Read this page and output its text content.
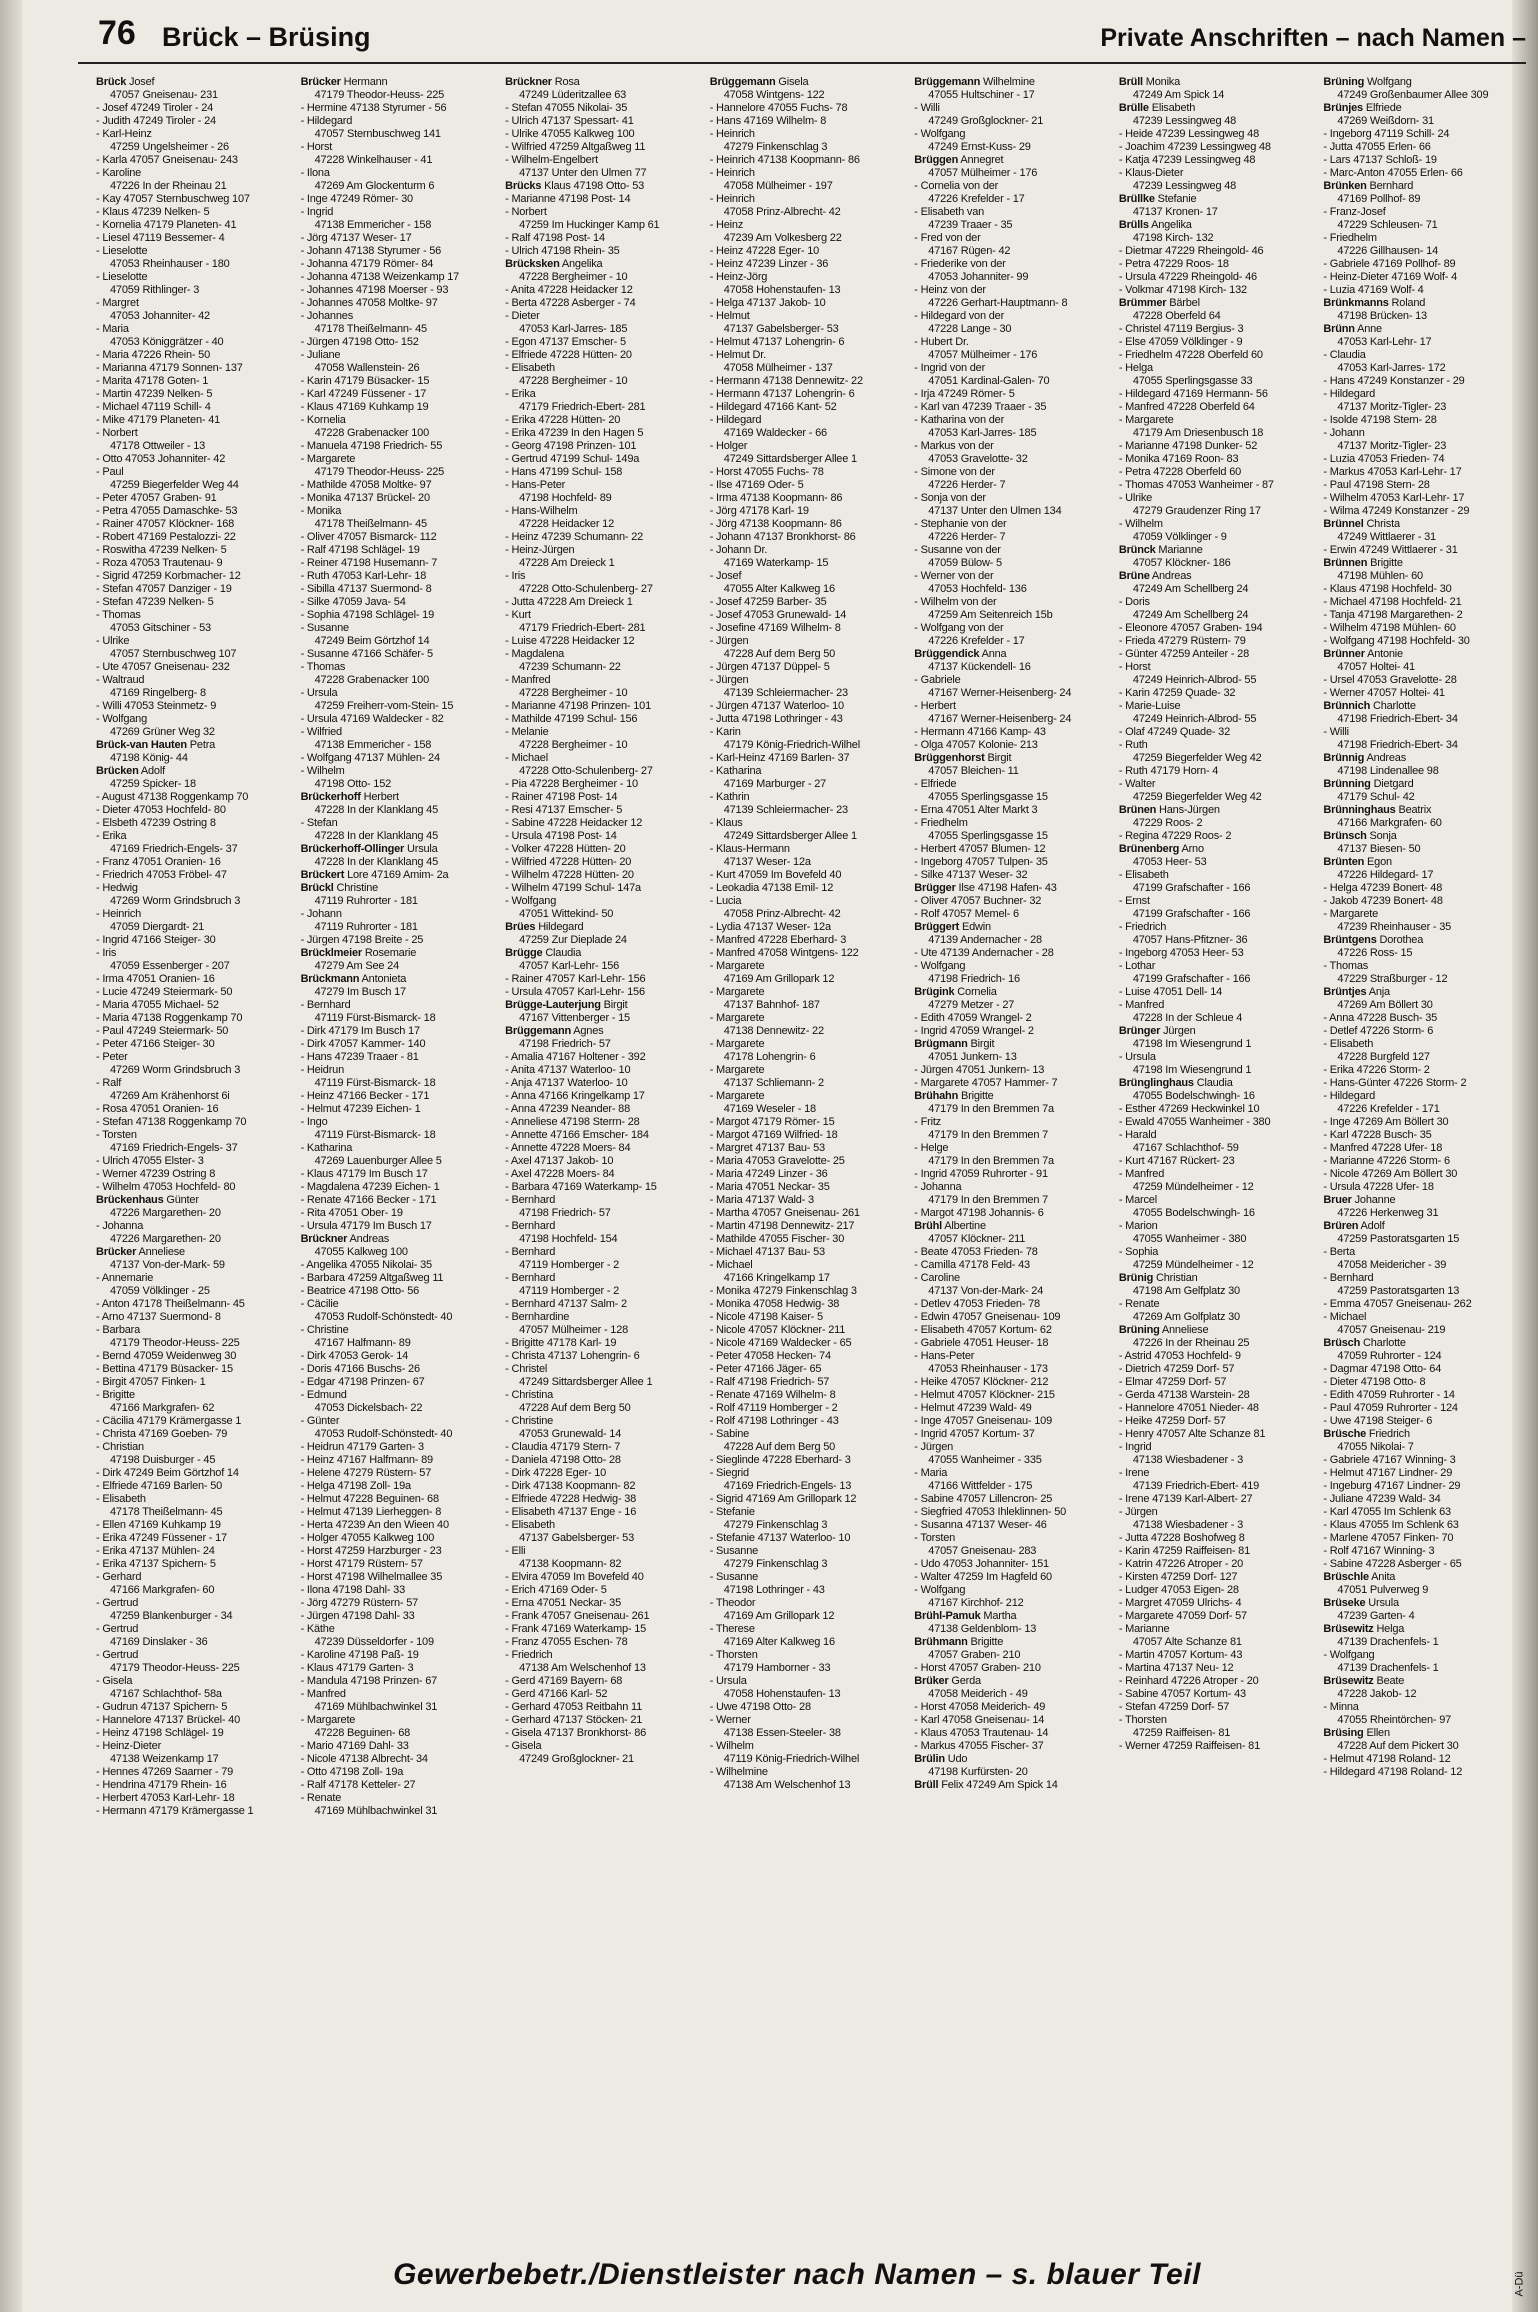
76 Brück – Brüsing	Private Anschriften – nach Namen –
Brück Josef
47057 Gneisenau- 231
- Josef 47249 Tiroler - 24
- Judith 47249 Tiroler - 24
- Karl-Heinz
47259 Ungelsheimer - 26
- Karla 47057 Gneisenau- 243
- Karoline
47226 In der Rheinau 21
- Kay 47057 Sternbuschweg 107
- Klaus 47239 Nelken- 5
- Kornelia 47179 Planeten- 41
- Liesel 47119 Bessemer- 4
- Lieselotte
47053 Rheinhauser - 180
- Lieselotte
47059 Rithlinger- 3
- Margret
47053 Johanniter- 42
- Maria
47053 Königgrätzer - 40
- Maria 47226 Rhein- 50
- Marianna 47179 Sonnen- 137
- Marita 47178 Goten- 1
- Martin 47239 Nelken- 5
- Michael 47119 Schill- 4
- Mike 47179 Planeten- 41
- Norbert
47178 Ottweiler - 13
- Otto 47053 Johanniter- 42
- Paul
47259 Biegerfelder Weg 44
- Peter 47057 Graben- 91
- Petra 47055 Damaschke- 53
- Rainer 47057 Klöckner- 168
- Robert 47169 Pestalozzi- 22
- Roswitha 47239 Nelken- 5
- Roza 47053 Trautenau- 9
- Sigrid 47259 Korbmacher- 12
- Stefan 47057 Danziger - 19
- Stefan 47239 Nelken- 5
- Thomas
47053 Gitschiner - 53
- Ulrike
47057 Sternbuschweg 107
- Ute 47057 Gneisenau- 232
- Waltraud
47169 Ringelberg- 8
- Willi 47053 Steinmetz- 9
- Wolfgang
47269 Grüner Weg 32
Brück-van Hauten Petra
47198 König- 44
Brücken Adolf
47259 Spicker- 18
- August 47138 Roggenkamp 70
- Dieter 47053 Hochfeld- 80
- Elsbeth 47239 Ostring 8
- Erika
47169 Friedrich-Engels- 37
- Franz 47051 Oranien- 16
- Friedrich 47053 Fröbel- 47
- Hedwig
47269 Worm Grindsbruch 3
- Heinrich
47059 Diergardt- 21
- Ingrid 47166 Steiger- 30
- Iris
47059 Essenberger - 207
- Irma 47051 Oranien- 16
- Lucie 47249 Steiermark- 50
- Maria 47055 Michael- 52
- Maria 47138 Roggenkamp 70
- Paul 47249 Steiermark- 50
- Peter 47166 Steiger- 30
- Peter
47269 Worm Grindsbruch 3
- Ralf
47269 Am Krähenhorst 6i
- Rosa 47051 Oranien- 16
- Stefan 47138 Roggenkamp 70
- Torsten
47169 Friedrich-Engels- 37
- Ulrich 47055 Elster- 3
- Werner 47239 Ostring 8
- Wilhelm 47053 Hochfeld- 80
Brückenhaus Günter
47226 Margarethen- 20
- Johanna
47226 Margarethen- 20
Brücker Anneliese
47137 Von-der-Mark- 59
- Annemarie
47059 Völklinger - 25
- Anton 47178 Theißelmann- 45
- Arno 47137 Suermond- 8
- Barbara
47179 Theodor-Heuss- 225
- Bernd 47059 Weidenweg 30
- Bettina 47179 Büsacker- 15
- Birgit 47057 Finken- 1
- Brigitte
47166 Markgrafen- 62
- Cäcilia 47179 Krämergasse 1
- Christa 47169 Goeben- 79
- Christian
47198 Duisburger - 45
- Dirk 47249 Beim Görtzhof 14
- Elfriede 47169 Barlen- 50
- Elisabeth
47178 Theißelmann- 45
- Ellen 47169 Kuhkamp 19
- Erika 47249 Füssener - 17
- Erika 47137 Mühlen- 24
- Erika 47137 Spichern- 5
- Gerhard
47166 Markgrafen- 60
- Gertrud
47259 Blankenburger - 34
- Gertrud
47169 Dinslaker - 36
- Gertrud
47179 Theodor-Heuss- 225
- Gisela
47167 Schlachthof- 58a
- Gudrun 47137 Spichern- 5
- Hannelore 47137 Brückel- 40
- Heinz 47198 Schlägel- 19
- Heinz-Dieter
47138 Weizenkamp 17
- Hennes 47269 Saarner - 79
- Hendrina 47179 Rhein- 16
- Herbert 47053 Karl-Lehr- 18
- Hermann 47179 Krämergasse 1
Brücker Hermann
47179 Theodor-Heuss- 225
- Hermine 47138 Styrumer - 56
- Hildegard
47057 Sternbuschweg 141
- Horst
47228 Winkelhauser - 41
- Ilona
47269 Am Glockenturm 6
- Inge 47249 Römer- 30
- Ingrid
47138 Emmericher - 158
- Jörg 47137 Weser- 17
- Johann 47138 Styrumer - 56
- Johanna 47179 Römer- 84
- Johanna 47138 Weizenkamp 17
- Johannes 47198 Moerser - 93
- Johannes 47058 Moltke- 97
- Johannes
47178 Theißelmann- 45
- Jürgen 47198 Otto- 152
- Juliane
47058 Wallenstein- 26
- Karin 47179 Büsacker- 15
- Karl 47249 Füssener - 17
- Klaus 47169 Kuhkamp 19
- Kornelia
47228 Grabenacker 100
- Manuela 47198 Friedrich- 55
- Margarete
47179 Theodor-Heuss- 225
- Mathilde 47058 Moltke- 97
- Monika 47137 Brückel- 20
- Monika
47178 Theißelmann- 45
- Oliver 47057 Bismarck- 112
- Ralf 47198 Schlägel- 19
- Reiner 47198 Husemann- 7
- Ruth 47053 Karl-Lehr- 18
- Sibilla 47137 Suermond- 8
- Silke 47059 Java- 54
- Sophia 47198 Schlägel- 19
- Susanne
47249 Beim Görtzhof 14
- Susanne 47166 Schäfer- 5
- Thomas
47228 Grabenacker 100
- Ursula
47259 Freiherr-vom-Stein- 15
- Ursula 47169 Waldecker - 82
- Wilfried
47138 Emmericher - 158
- Wolfgang 47137 Mühlen- 24
- Wilhelm
47198 Otto- 152
Brückerhoff Herbert
47228 In der Klanklang 45
- Stefan
47228 In der Klanklang 45
Brückerhoff-Ollinger Ursula
47228 In der Klanklang 45
Brückert Lore 47169 Amim- 2a
Brückl Christine
47119 Ruhrorter - 181
- Johann
47119 Ruhrorter - 181
- Jürgen 47198 Breite - 25
Brücklmeier Rosemarie
47279 Am See 24
Brückmann Antonieta
47279 Im Busch 17
- Bernhard
47119 Fürst-Bismarck- 18
- Dirk 47179 Im Busch 17
- Dirk 47057 Kammer- 140
- Hans 47239 Traaer - 81
- Heidrun
47119 Fürst-Bismarck- 18
- Heinz 47166 Becker - 171
- Helmut 47239 Eichen- 1
- Ingo
47119 Fürst-Bismarck- 18
- Katharina
47269 Lauenburger Allee 5
- Klaus 47179 Im Busch 17
- Magdalena 47239 Eichen- 1
- Renate 47166 Becker - 171
- Rita 47051 Ober- 19
- Ursula 47179 Im Busch 17
Brückner Andreas
47055 Kalkweg 100
- Angelika 47055 Nikolai- 35
- Barbara 47259 Altgaßweg 11
- Beatrice 47198 Otto- 56
- Cäcilie
47053 Rudolf-Schönstedt- 40
- Christine
47167 Halfmann- 89
- Dirk 47053 Gerok- 14
- Doris 47166 Buschs- 26
- Edgar 47198 Prinzen- 67
- Edmund
47053 Dickelsbach- 22
- Günter
47053 Rudolf-Schönstedt- 40
- Heidrun 47179 Garten- 3
- Heinz 47167 Halfmann- 89
- Helene 47279 Rüstern- 57
- Helga 47198 Zoll- 19a
- Helmut 47228 Beguinen- 68
- Helmut 47139 Lierheggen- 8
- Herta 47239 An den Wieen 40
- Holger 47055 Kalkweg 100
- Horst 47259 Harzburger - 23
- Horst 47179 Rüstern- 57
- Horst 47198 Wilhelmallee 35
- Ilona 47198 Dahl- 33
- Jörg 47279 Rüstern- 57
- Jürgen 47198 Dahl- 33
- Käthe
47239 Düsseldorfer - 109
- Karoline 47198 Paß- 19
- Klaus 47179 Garten- 3
- Mandula 47198 Prinzen- 67
- Manfred
47169 Mühlbachwinkel 31
- Margarete
47228 Beguinen- 68
- Mario 47169 Dahl- 33
- Nicole 47138 Albrecht- 34
- Otto 47198 Zoll- 19a
- Ralf 47178 Ketteler- 27
- Renate
47169 Mühlbachwinkel 31
Brückner Rosa
47249 Lüderitzallee 63
- Stefan 47055 Nikolai- 35
- Ulrich 47137 Spessart- 41
- Ulrike 47055 Kalkweg 100
- Wilfried 47259 Altgaßweg 11
- Wilhelm-Engelbert
47137 Unter den Ulmen 77
Brücks Klaus 47198 Otto- 53
- Marianne 47198 Post- 14
- Norbert
47259 Im Huckinger Kamp 61
- Ralf 47198 Post- 14
- Ulrich 47198 Rhein- 35
Brücksken Angelika
47228 Bergheimer - 10
- Anita 47228 Heidacker 12
- Berta 47228 Asberger - 74
- Dieter
47053 Karl-Jarres- 185
- Egon 47137 Emscher- 5
- Elfriede 47228 Hütten- 20
- Elisabeth
47228 Bergheimer - 10
- Erika
47179 Friedrich-Ebert- 281
- Erika 47228 Hütten- 20
- Erika 47239 In den Hagen 5
- Georg 47198 Prinzen- 101
- Gertrud 47199 Schul- 149a
- Hans 47199 Schul- 158
- Hans-Peter
47198 Hochfeld- 89
- Hans-Wilhelm
47228 Heidacker 12
- Heinz 47239 Schumann- 22
- Heinz-Jürgen
47228 Am Dreieck 1
- Iris
47228 Otto-Schulenberg- 27
- Jutta 47228 Am Dreieck 1
- Kurt
47179 Friedrich-Ebert- 281
- Luise 47228 Heidacker 12
- Magdalena
47239 Schumann- 22
- Manfred
47228 Bergheimer - 10
- Marianne 47198 Prinzen- 101
- Mathilde 47199 Schul- 156
- Melanie
47228 Bergheimer - 10
- Michael
47228 Otto-Schulenberg- 27
- Pia 47228 Bergheimer - 10
- Rainer 47198 Post- 14
- Resi 47137 Emscher- 5
- Sabine 47228 Heidacker 12
- Ursula 47198 Post- 14
- Volker 47228 Hütten- 20
- Wilfried 47228 Hütten- 20
- Wilhelm 47228 Hütten- 20
- Wilhelm 47199 Schul- 147a
- Wolfgang
47051 Wittekind- 50
Brües Hildegard
47259 Zur Dieplade 24
Brügge Claudia
47057 Karl-Lehr- 156
- Rainer 47057 Karl-Lehr- 156
- Ursula 47057 Karl-Lehr- 156
Brügge-Lauterjung Birgit
47167 Vittenberger - 15
Brüggemann Agnes
47198 Friedrich- 57
- Amalia 47167 Holtener - 392
- Anita 47137 Waterloo- 10
- Anja 47137 Waterloo- 10
- Anna 47166 Kringelkamp 17
- Anna 47239 Neander- 88
- Anneliese 47198 Sterrn- 28
- Annette 47166 Emscher- 184
- Annette 47228 Moers- 84
- Axel 47137 Jakob- 10
- Axel 47228 Moers- 84
- Barbara 47169 Waterkamp- 15
- Bernhard
47198 Friedrich- 57
- Bernhard
47198 Hochfeld- 154
- Bernhard
47119 Homberger - 2
- Bernhard
47119 Homberger - 2
- Bernhard 47137 Salm- 2
- Bernhardine
47057 Mülheimer - 128
- Brigitte 47178 Karl- 19
- Christa 47137 Lohengrin- 6
- Christel
47249 Sittardsberger Allee 1
- Christina
47228 Auf dem Berg 50
- Christine
47053 Grunewald- 14
- Claudia 47179 Stern- 7
- Daniela 47198 Otto- 28
- Dirk 47228 Eger- 10
- Dirk 47138 Koopmann- 82
- Elfriede 47228 Hedwig- 38
- Elisabeth 47137 Enge - 16
- Elisabeth
47137 Gabelsberger- 53
- Elli
47138 Koopmann- 82
- Elvira 47059 Im Bovefeld 40
- Erich 47169 Oder- 5
- Erna 47051 Neckar- 35
- Frank 47057 Gneisenau- 261
- Frank 47169 Waterkamp- 15
- Franz 47055 Eschen- 78
- Friedrich
47138 Am Welschenhof 13
- Gerd 47169 Bayern- 68
- Gerd 47166 Karl- 52
- Gerhard 47053 Reitbahn 11
- Gerhard 47137 Stöcken- 21
- Gisela 47137 Bronkhorst- 86
- Gisela
47249 Großglockner- 21
Brüggemann Gisela
47058 Wintgens- 122
- Hannelore 47055 Fuchs- 78
- Hans 47169 Wilhelm- 8
- Heinrich
47279 Finkenschlag 3
- Heinrich 47138 Koopmann- 86
- Heinrich
47058 Mülheimer - 197
- Heinrich
47058 Prinz-Albrecht- 42
- Heinz
47239 Am Volkesberg 22
- Heinz 47228 Eger- 10
- Heinz 47239 Linzer - 36
- Heinz-Jörg
47058 Hohenstaufen- 13
- Helga 47137 Jakob- 10
- Helmut
47137 Gabelsberger- 53
- Helmut 47137 Lohengrin- 6
- Helmut Dr.
47058 Mülheimer - 137
- Hermann 47138 Dennewitz- 22
- Hermann 47137 Lohengrin- 6
- Hildegard 47166 Kant- 52
- Hildegard
47169 Waldecker - 66
- Holger
47249 Sittardsberger Allee 1
- Horst 47055 Fuchs- 78
- Ilse 47169 Oder- 5
- Irma 47138 Koopmann- 86
- Jörg 47178 Karl- 19
- Jörg 47138 Koopmann- 86
- Johann 47137 Bronkhorst- 86
- Johann Dr.
47169 Waterkamp- 15
- Josef
47055 Alter Kalkweg 16
- Josef 47259 Barber- 35
- Josef 47053 Grunewald- 14
- Josefine 47169 Wilhelm- 8
- Jürgen
47228 Auf dem Berg 50
- Jürgen 47137 Düppel- 5
- Jürgen
47139 Schleiermacher- 23
- Jürgen 47137 Waterloo- 10
- Jutta 47198 Lothringer - 43
- Karin
47179 König-Friedrich-Wilhel
- Karl-Heinz 47169 Barlen- 37
- Katharina
47169 Marburger - 27
- Kathrin
47139 Schleiermacher- 23
- Klaus
47249 Sittardsberger Allee 1
- Klaus-Hermann
47137 Weser- 12a
- Kurt 47059 Im Bovefeld 40
- Leokadia 47138 Emil- 12
- Lucia
47058 Prinz-Albrecht- 42
- Lydia 47137 Weser- 12a
- Manfred 47228 Eberhard- 3
- Manfred 47058 Wintgens- 122
- Margarete
47169 Am Grillopark 12
- Margarete
47137 Bahnhof- 187
- Margarete
47138 Dennewitz- 22
- Margarete
47178 Lohengrin- 6
- Margarete
47137 Schliemann- 2
- Margarete
47169 Weseler - 18
- Margot 47179 Römer- 15
- Margot 47169 Wilfried- 18
- Margret 47137 Bau- 53
- Maria 47053 Gravelotte- 25
- Maria 47249 Linzer - 36
- Maria 47051 Neckar- 35
- Maria 47137 Wald- 3
- Martha 47057 Gneisenau- 261
- Martin 47198 Dennewitz- 217
- Mathilde 47055 Fischer- 30
- Michael 47137 Bau- 53
- Michael
47166 Kringelkamp 17
- Monika 47279 Finkenschlag 3
- Monika 47058 Hedwig- 38
- Nicole 47198 Kaiser- 5
- Nicole 47057 Klöckner- 211
- Nicole 47169 Waldecker - 65
- Peter 47058 Hecken- 74
- Peter 47166 Jäger- 65
- Ralf 47198 Friedrich- 57
- Renate 47169 Wilhelm- 8
- Rolf 47119 Homberger - 2
- Rolf 47198 Lothringer - 43
- Sabine
47228 Auf dem Berg 50
- Sieglinde 47228 Eberhard- 3
- Siegrid
47169 Friedrich-Engels- 13
- Sigrid 47169 Am Grillopark 12
- Stefanie
47279 Finkenschlag 3
- Stefanie 47137 Waterloo- 10
- Susanne
47279 Finkenschlag 3
- Susanne
47198 Lothringer - 43
- Theodor
47169 Am Grillopark 12
- Therese
47169 Alter Kalkweg 16
- Thorsten
47179 Hamborner - 33
- Ursula
47058 Hohenstaufen- 13
- Uwe 47198 Otto- 28
- Werner
47138 Essen-Steeler- 38
- Wilhelm
47119 König-Friedrich-Wilhel
- Wilhelmine
47138 Am Welschenhof 13
Brüggemann Wilhelmine
47055 Hultschiner - 17
- Willi
47249 Großglockner- 21
- Wolfgang
47249 Ernst-Kuss- 29
Brüggen Annegret
47057 Mülheimer - 176
- Cornelia von der
47226 Krefelder - 17
- Elisabeth van
47239 Traaer - 35
- Fred von der
47167 Rügen- 42
- Friederike von der
47053 Johanniter- 99
- Heinz von der
47226 Gerhart-Hauptmann- 8
- Hildegard von der
47228 Lange - 30
- Hubert Dr.
47057 Mülheimer - 176
- Ingrid von der
47051 Kardinal-Galen- 70
- Irja 47249 Römer- 5
- Karl van 47239 Traaer - 35
- Katharina von der
47053 Karl-Jarres- 185
- Markus von der
47053 Gravelotte- 32
- Simone von der
47226 Herder- 7
- Sonja von der
47137 Unter den Ulmen 134
- Stephanie von der
47226 Herder- 7
- Susanne von der
47059 Bülow- 5
- Werner von der
47053 Hochfeld- 136
- Wilhelm von der
47259 Am Seitenreich 15b
- Wolfgang von der
47226 Krefelder - 17
Brüggendick Anna
47137 Kückendell- 16
- Gabriele
47167 Werner-Heisenberg- 24
- Herbert
47167 Werner-Heisenberg- 24
- Hermann 47166 Kamp- 43
- Olga 47057 Kolonie- 213
Brüggenhorst Birgit
47057 Bleichen- 11
- Elfriede
47055 Sperlingsgasse 15
- Erna 47051 Alter Markt 3
- Friedhelm
47055 Sperlingsgasse 15
- Herbert 47057 Blumen- 12
- Ingeborg 47057 Tulpen- 35
- Silke 47137 Weser- 32
Brügger Ilse 47198 Hafen- 43
- Oliver 47057 Buchner- 32
- Rolf 47057 Memel- 6
Brüggert Edwin
47139 Andernacher - 28
- Ute 47139 Andernacher - 28
- Wolfgang
47198 Friedrich- 16
Brügink Cornelia
47279 Metzer - 27
- Edith 47059 Wrangel- 2
- Ingrid 47059 Wrangel- 2
Brügmann Birgit
47051 Junkern- 13
- Jürgen 47051 Junkern- 13
- Margarete 47057 Hammer- 7
Brühahn Brigitte
47179 In den Bremmen 7a
- Fritz
47179 In den Bremmen 7
- Helge
47179 In den Bremmen 7a
- Ingrid 47059 Ruhrorter - 91
- Johanna
47179 In den Bremmen 7
- Margot 47198 Johannis- 6
Brühl Albertine
47057 Klöckner- 211
- Beate 47053 Frieden- 78
- Camilla 47178 Feld- 43
- Caroline
47137 Von-der-Mark- 24
- Detlev 47053 Frieden- 78
- Edwin 47057 Gneisenau- 109
- Elisabeth 47057 Kortum- 62
- Gabriele 47051 Heuser- 18
- Hans-Peter
47053 Rheinhauser - 173
- Heike 47057 Klöckner- 212
- Helmut 47057 Klöckner- 215
- Helmut 47239 Wald- 49
- Inge 47057 Gneisenau- 109
- Ingrid 47057 Kortum- 37
- Jürgen
47055 Wanheimer - 335
- Maria
47166 Wittfelder - 175
- Sabine 47057 Lillencron- 25
- Siegfried 47053 Ihleklinnen- 50
- Susanna 47137 Weser- 46
- Torsten
47057 Gneisenau- 283
- Udo 47053 Johanniter- 151
- Walter 47259 Im Hagfeld 60
- Wolfgang
47167 Kirchhof- 212
Brühl-Pamuk Martha
47138 Geldenblom- 13
Brühmann Brigitte
47057 Graben- 210
- Horst 47057 Graben- 210
Brüker Gerda
47058 Meiderich - 49
- Horst 47058 Meiderich- 49
- Karl 47058 Gneisenau- 14
- Klaus 47053 Trautenau- 14
- Markus 47055 Fischer- 37
Brülin Udo
47198 Kurfürsten- 20
Brüll Felix 47249 Am Spick 14
Brüll Monika
47249 Am Spick 14
Brülle Elisabeth
47239 Lessingweg 48
- Heide 47239 Lessingweg 48
- Joachim 47239 Lessingweg 48
- Katja 47239 Lessingweg 48
- Klaus-Dieter
47239 Lessingweg 48
Brüllke Stefanie
47137 Kronen- 17
Brülls Angelika
47198 Kirch- 132
- Dietmar 47229 Rheingold- 46
- Petra 47229 Roos- 18
- Ursula 47229 Rheingold- 46
- Volkmar 47198 Kirch- 132
Brümmer Bärbel
47228 Oberfeld 64
- Christel 47119 Bergius- 3
- Else 47059 Völklinger - 9
- Friedhelm 47228 Oberfeld 60
- Helga
47055 Sperlingsgasse 33
- Hildegard 47169 Hermann- 56
- Manfred 47228 Oberfeld 64
- Margarete
47179 Am Driesenbusch 18
- Marianne 47198 Dunker- 52
- Monika 47169 Roon- 83
- Petra 47228 Oberfeld 60
- Thomas 47053 Wanheimer - 87
- Ulrike
47279 Graudenzer Ring 17
- Wilhelm
47059 Völklinger - 9
Brünck Marianne
47057 Klöckner- 186
Brüne Andreas
47249 Am Schellberg 24
- Doris
47249 Am Schellberg 24
- Eleonore 47057 Graben- 194
- Frieda 47279 Rüstern- 79
- Günter 47259 Anteiler - 28
- Horst
47249 Heinrich-Albrod- 55
- Karin 47259 Quade- 32
- Marie-Luise
47249 Heinrich-Albrod- 55
- Olaf 47249 Quade- 32
- Ruth
47259 Biegerfelder Weg 42
- Ruth 47179 Horn- 4
- Walter
47259 Biegerfelder Weg 42
Brünen Hans-Jürgen
47229 Roos- 2
- Regina 47229 Roos- 2
Brünenberg Arno
47053 Heer- 53
- Elisabeth
47199 Grafschafter - 166
- Ernst
47199 Grafschafter - 166
- Friedrich
47057 Hans-Pfitzner- 36
- Ingeborg 47053 Heer- 53
- Lothar
47199 Grafschafter - 166
- Luise 47051 Dell- 14
- Manfred
47228 In der Schleue 4
Brünger Jürgen
47198 Im Wiesengrund 1
- Ursula
47198 Im Wiesengrund 1
Brünglinghaus Claudia
47055 Bodelschwingh- 16
- Esther 47269 Heckwinkel 10
- Ewald 47055 Wanheimer - 380
- Harald
47167 Schlachthof- 59
- Kurt 47167 Rückert- 23
- Manfred
47259 Mündelheimer - 12
- Marcel
47055 Bodelschwingh- 16
- Marion
47055 Wanheimer - 380
- Sophia
47259 Mündelheimer - 12
Brünig Christian
47198 Am Gelfplatz 30
- Renate
47269 Am Golfplatz 30
Brüning Anneliese
47226 In der Rheinau 25
- Astrid 47053 Hochfeld- 9
- Dietrich 47259 Dorf- 57
- Elmar 47259 Dorf- 57
- Gerda 47138 Warstein- 28
- Hannelore 47051 Nieder- 48
- Heike 47259 Dorf- 57
- Henry 47057 Alte Schanze 81
- Ingrid
47138 Wiesbadener - 3
- Irene
47139 Friedrich-Ebert- 419
- Irene 47139 Karl-Albert- 27
- Jürgen
47138 Wiesbadener - 3
- Jutta 47228 Boshofweg 8
- Karin 47259 Raiffeisen- 81
- Katrin 47226 Atroper - 20
- Kirsten 47259 Dorf- 127
- Ludger 47053 Eigen- 28
- Margret 47059 Ulrichs- 4
- Margarete 47059 Dorf- 57
- Marianne
47057 Alte Schanze 81
- Martin 47057 Kortum- 43
- Martina 47137 Neu- 12
- Reinhard 47226 Atroper - 20
- Sabine 47057 Kortum- 43
- Stefan 47259 Dorf- 57
- Thorsten
47259 Raiffeisen- 81
- Werner 47259 Raiffeisen- 81
Brüning Wolfgang
47249 Großenbaumer Allee 309
Brünjes Elfriede
47269 Weißdorn- 31
- Ingeborg 47119 Schill- 24
- Jutta 47055 Erlen- 66
- Lars 47137 Schloß- 19
- Marc-Anton 47055 Erlen- 66
Brünken Bernhard
47169 Pollhof- 89
- Franz-Josef
47229 Schleusen- 71
- Friedhelm
47226 Gillhausen- 14
- Gabriele 47169 Pollhof- 89
- Heinz-Dieter 47169 Wolf- 4
- Luzia 47169 Wolf- 4
Brünkmanns Roland
47198 Brücken- 13
Brünn Anne
47053 Karl-Lehr- 17
- Claudia
47053 Karl-Jarres- 172
- Hans 47249 Konstanzer - 29
- Hildegard
47137 Moritz-Tigler- 23
- Isolde 47198 Stern- 28
- Johann
47137 Moritz-Tigler- 23
- Luzia 47053 Frieden- 74
- Markus 47053 Karl-Lehr- 17
- Paul 47198 Stern- 28
- Wilhelm 47053 Karl-Lehr- 17
- Wilma 47249 Konstanzer - 29
Brünnel Christa
47249 Wittlaerer - 31
- Erwin 47249 Wittlaerer - 31
Brünnen Brigitte
47198 Mühlen- 60
- Klaus 47198 Hochfeld- 30
- Michael 47198 Hochfeld- 21
- Tanja 47198 Margarethen- 2
- Wilhelm 47198 Mühlen- 60
- Wolfgang 47198 Hochfeld- 30
Brünner Antonie
47057 Holtei- 41
- Ursel 47053 Gravelotte- 28
- Werner 47057 Holtei- 41
Brünnich Charlotte
47198 Friedrich-Ebert- 34
- Willi
47198 Friedrich-Ebert- 34
Brünnig Andreas
47198 Lindenallee 98
Brünning Dietgard
47179 Schul- 42
Brünninghaus Beatrix
47166 Markgrafen- 60
Brünsch Sonja
47137 Biesen- 50
Brünten Egon
47226 Hildegard- 17
- Helga 47239 Bonert- 48
- Jakob 47239 Bonert- 48
- Margarete
47239 Rheinhauser - 35
Brüntgens Dorothea
47226 Ross- 15
- Thomas
47229 Straßburger - 12
Brüntjes Anja
47269 Am Böllert 30
- Anna 47228 Busch- 35
- Detlef 47226 Storm- 6
- Elisabeth
47228 Burgfeld 127
- Erika 47226 Storm- 2
- Hans-Günter 47226 Storm- 2
- Hildegard
47226 Krefelder - 171
- Inge 47269 Am Böllert 30
- Karl 47228 Busch- 35
- Manfred 47228 Ufer- 18
- Marianne 47226 Storm- 6
- Nicole 47269 Am Böllert 30
- Ursula 47228 Ufer- 18
Bruer Johanne
47226 Herkenweg 31
Brüren Adolf
47259 Pastoratsgarten 15
- Berta
47058 Meidericher - 39
- Bernhard
47259 Pastoratsgarten 13
- Emma 47057 Gneisenau- 262
- Michael
47057 Gneisenau- 219
Brüsch Charlotte
47059 Ruhrorter - 124
- Dagmar 47198 Otto- 64
- Dieter 47198 Otto- 8
- Edith 47059 Ruhrorter - 14
- Paul 47059 Ruhrorter - 124
- Uwe 47198 Steiger- 6
Brüsche Friedrich
47055 Nikolai- 7
- Gabriele 47167 Winning- 3
- Helmut 47167 Lindner- 29
- Ingeburg 47167 Lindner- 29
- Juliane 47239 Wald- 34
- Karl 47055 Im Schlenk 63
- Klaus 47055 Im Schlenk 63
- Marlene 47057 Finken- 70
- Rolf 47167 Winning- 3
- Sabine 47228 Asberger - 65
Brüschle Anita
47051 Pulverweg 9
Brüseke Ursula
47239 Garten- 4
Brüsewitz Helga
47139 Drachenfels- 1
- Wolfgang
47139 Drachenfels- 1
Brüsewitz Beate
47228 Jakob- 12
- Minna
47055 Rheintörchen- 97
Brüsing Ellen
47228 Auf dem Pickert 30
- Helmut 47198 Roland- 12
- Hildegard 47198 Roland- 12
Gewerbebetr./Dienstleister nach Namen – s. blauer Teil	A-Dü
